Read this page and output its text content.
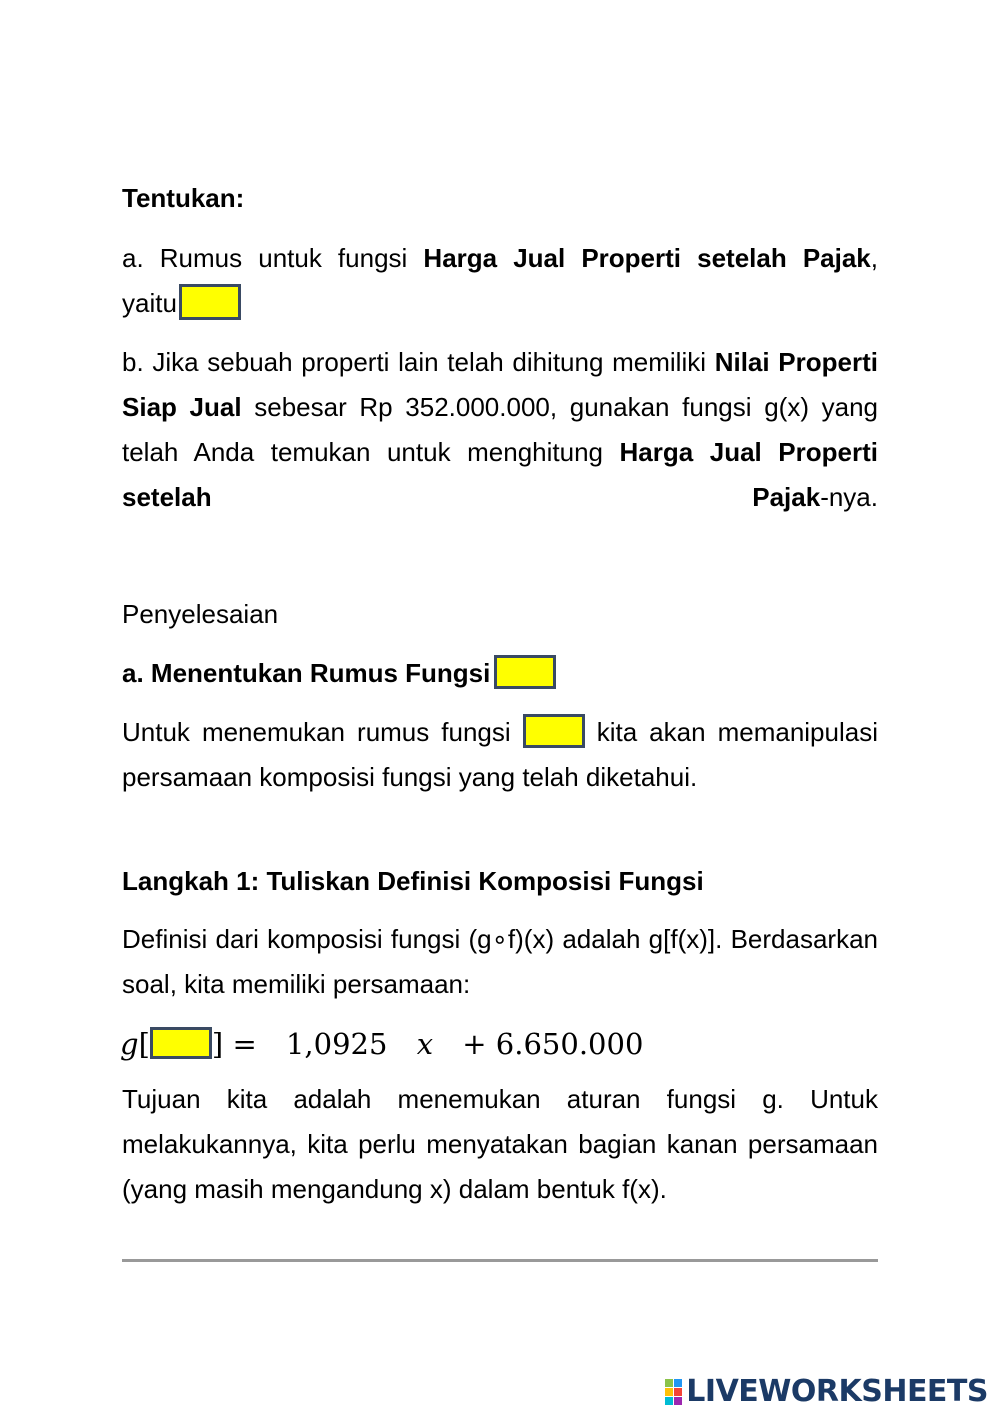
Tentukan:

a. Rumus untuk fungsi Harga Jual Properti setelah Pajak,

yaitu

b. Jika sebuah properti lain telah dihitung memiliki Nilai Properti Siap Jual sebesar Rp 352.000.000, gunakan fungsi g(x) yang telah Anda temukan untuk menghitung Harga Jual Properti setelah Pajak-nya.

Penyelesaian

a. Menentukan Rumus Fungsi

Untuk menemukan rumus fungsi  kita akan memanipulasi persamaan komposisi fungsi yang telah diketahui.

Langkah 1: Tuliskan Definisi Komposisi Fungsi

Definisi dari komposisi fungsi (g∘f)(x) adalah g[f(x)]. Berdasarkan soal, kita memiliki persamaan:

Tujuan kita adalah menemukan aturan fungsi g. Untuk melakukannya, kita perlu menyatakan bagian kanan persamaan (yang masih mengandung x) dalam bentuk f(x).

g[ ] = 1,0925 x + 6.650.000
LIVEWORKSHEETS
